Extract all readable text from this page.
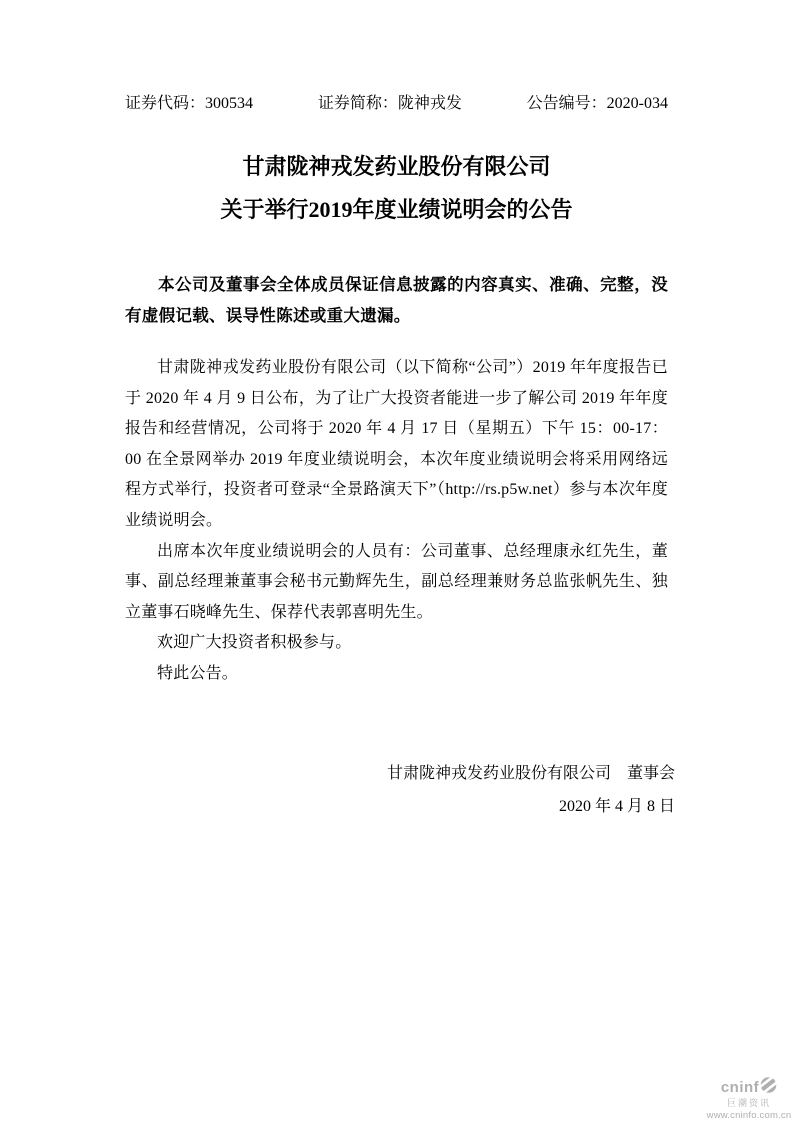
证券代码：300534	证券简称：陇神戎发	公告编号：2020-034
甘肃陇神戎发药业股份有限公司
关于举行2019年度业绩说明会的公告
本公司及董事会全体成员保证信息披露的内容真实、准确、完整，没有虚假记载、误导性陈述或重大遗漏。

甘肃陇神戎发药业股份有限公司（以下简称“公司”）2019 年年度报告已于 2020 年 4 月 9 日公布，为了让广大投资者能进一步了解公司 2019 年年度报告和经营情况，公司将于 2020 年 4 月 17 日（星期五）下午 15：00-17：00 在全景网举办 2019 年度业绩说明会，本次年度业绩说明会将采用网络远程方式举行，投资者可登录“全景路演天下”（http://rs.p5w.net）参与本次年度业绩说明会。

出席本次年度业绩说明会的人员有：公司董事、总经理康永红先生，董事、副总经理兼董事会秘书元勤辉先生，副总经理兼财务总监张帆先生、独立董事石晓峰先生、保荐代表郭喜明先生。

欢迎广大投资者积极参与。

特此公告。

甘肃陇神戎发药业股份有限公司　董事会
2020 年 4 月 8 日
cninf
巨潮资讯
www.cninfo.com.cn
